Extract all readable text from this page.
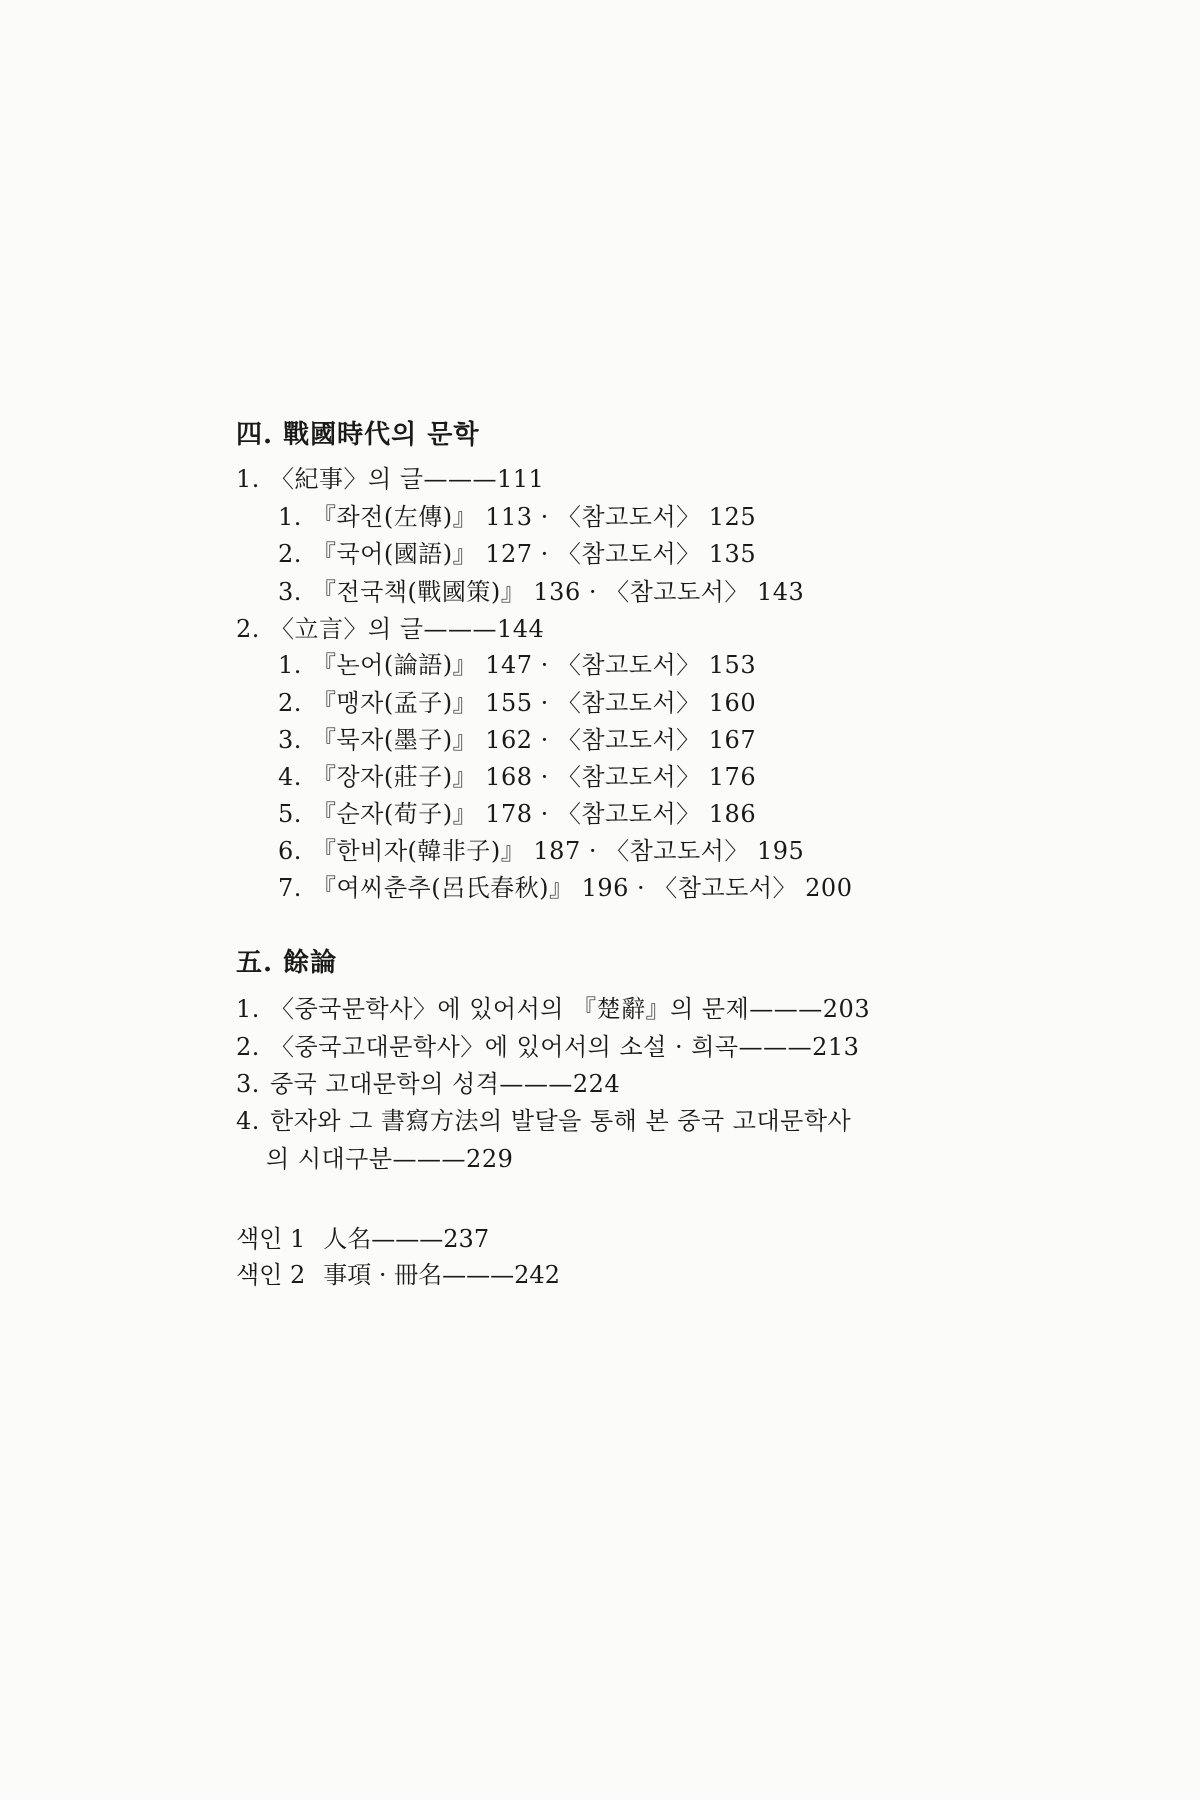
四. 戰國時代의 문학
1. 〈紀事〉의 글———111
1. 『좌전(左傳)』 113 · 〈참고도서〉 125
2. 『국어(國語)』 127 · 〈참고도서〉 135
3. 『전국책(戰國策)』 136 · 〈참고도서〉 143
2. 〈立言〉의 글———144
1. 『논어(論語)』 147 · 〈참고도서〉 153
2. 『맹자(孟子)』 155 · 〈참고도서〉 160
3. 『묵자(墨子)』 162 · 〈참고도서〉 167
4. 『장자(莊子)』 168 · 〈참고도서〉 176
5. 『순자(荀子)』 178 · 〈참고도서〉 186
6. 『한비자(韓非子)』 187 · 〈참고도서〉 195
7. 『여씨춘추(呂氏春秋)』 196 · 〈참고도서〉 200
五. 餘論
1. 〈중국문학사〉에 있어서의 『楚辭』의 문제———203
2. 〈중국고대문학사〉에 있어서의 소설 · 희곡———213
3. 중국 고대문학의 성격———224
4. 한자와 그 書寫方法의 발달을 통해 본 중국 고대문학사
의 시대구분———229
색인 1 人名———237
색인 2 事項 · 冊名———242
